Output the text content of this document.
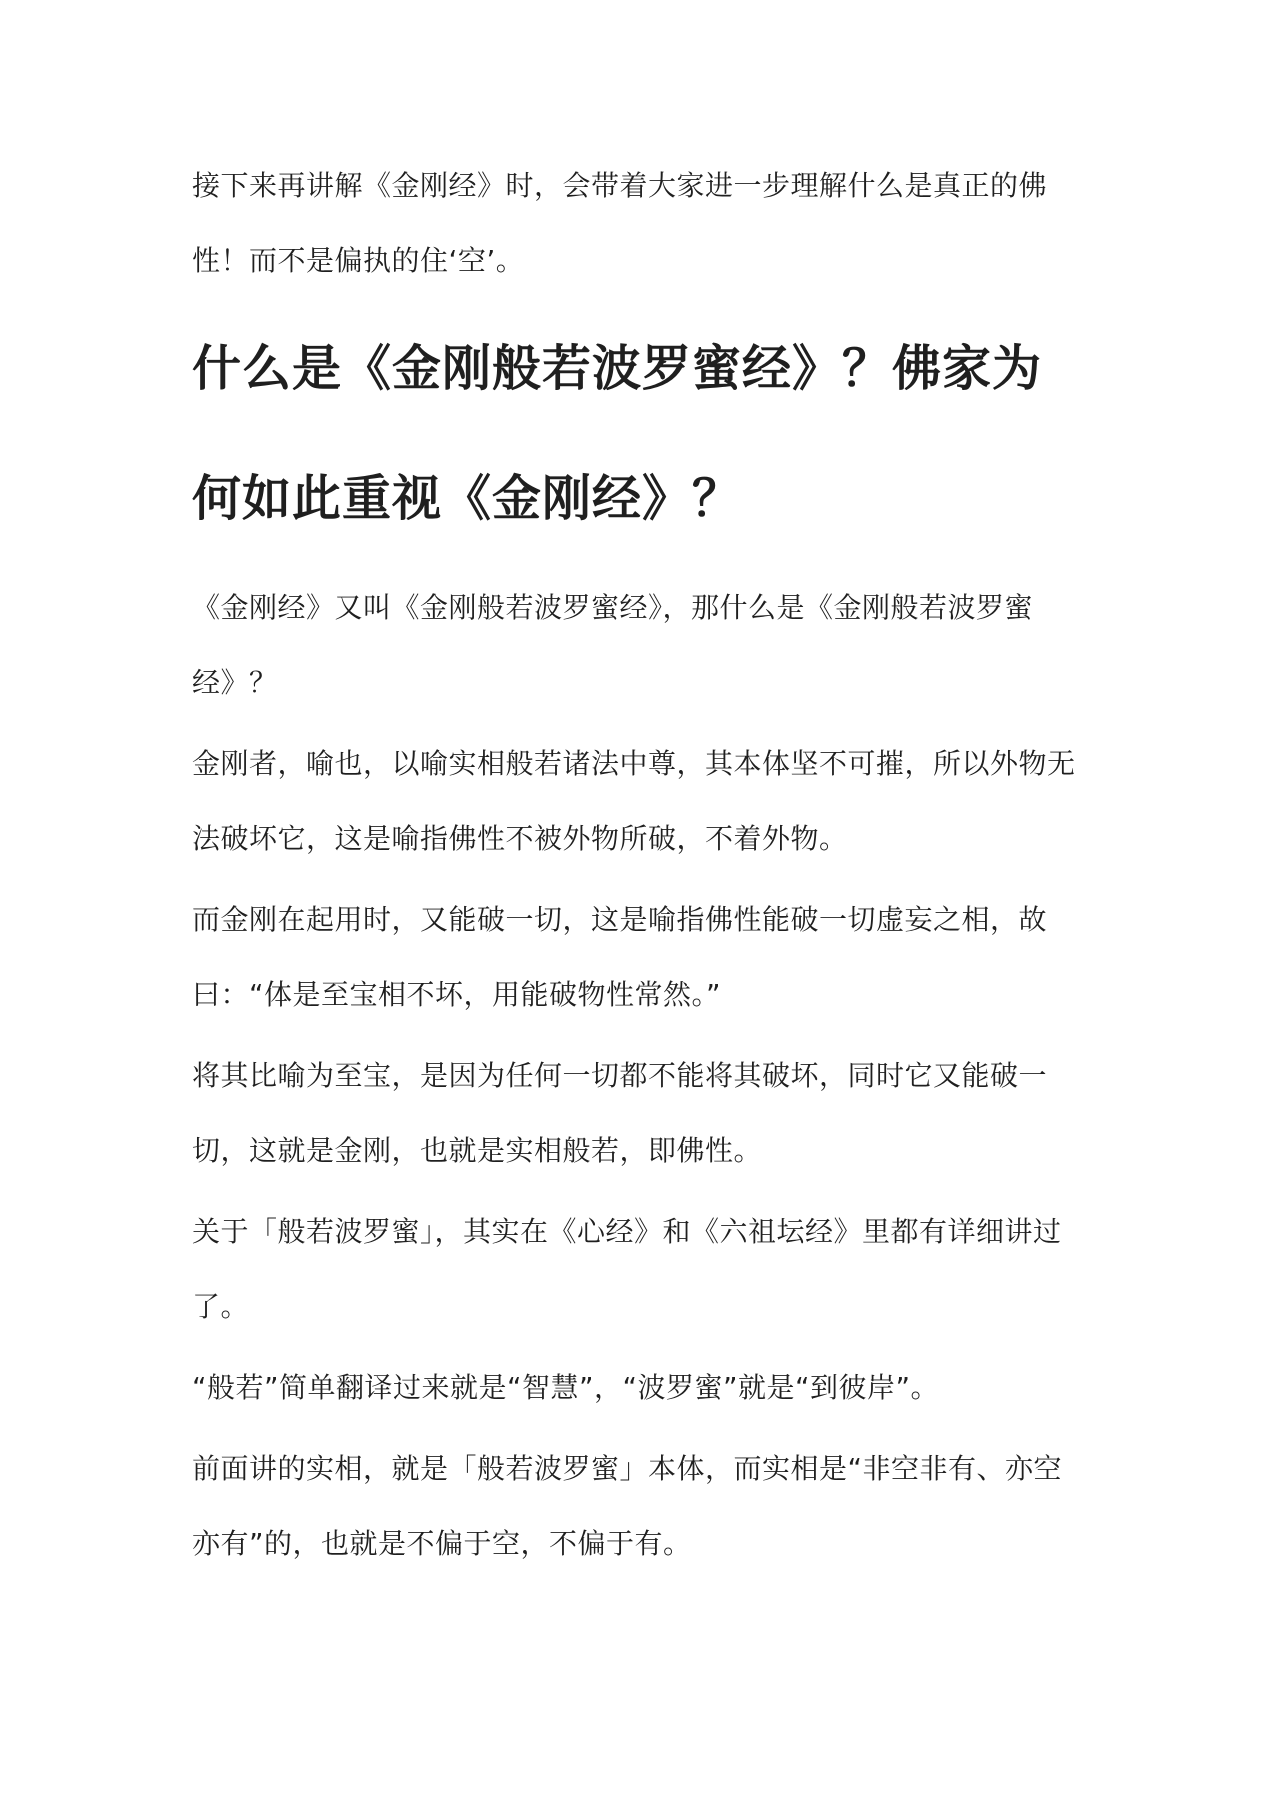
接下来再讲解《金刚经》时，会带着大家进一步理解什么是真正的佛性！而不是偏执的住‘空’。

什么是《金刚般若波罗蜜经》？佛家为何如此重视《金刚经》？

《金刚经》又叫《金刚般若波罗蜜经》，那什么是《金刚般若波罗蜜经》？

金刚者，喻也，以喻实相般若诸法中尊，其本体坚不可摧，所以外物无法破坏它，这是喻指佛性不被外物所破，不着外物。

而金刚在起用时，又能破一切，这是喻指佛性能破一切虚妄之相，故曰：“体是至宝相不坏，用能破物性常然。”

将其比喻为至宝，是因为任何一切都不能将其破坏，同时它又能破一切，这就是金刚，也就是实相般若，即佛性。

关于「般若波罗蜜」，其实在《心经》和《六祖坛经》里都有详细讲过了。

“般若”简单翻译过来就是“智慧”，“波罗蜜”就是“到彼岸”。

前面讲的实相，就是「般若波罗蜜」本体，而实相是“非空非有、亦空亦有”的，也就是不偏于空，不偏于有。
